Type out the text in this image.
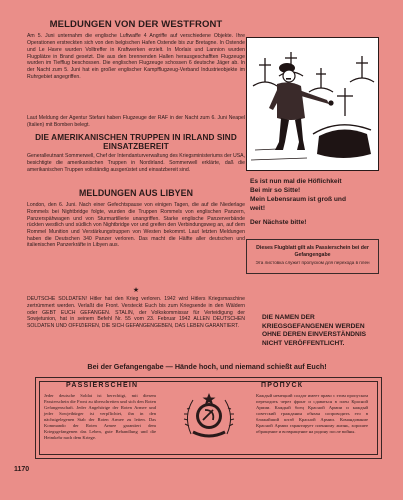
MELDUNGEN VON DER WESTFRONT

Am 5. Juni unternahm die englische Luftwaffe 4 Angriffe auf verschiedene Objekte. Ihre Operationen erstreckten sich von den belgischen Hafen Ostende bis zur Bretagne. In Ostende und Le Havre wurden Volltreffer in Kraftwerken erzielt. In Morlaix und Lannion wurden Flugplätze in Brand gesetzt. Die aus den brennenden Hallen herausgeschafften Flugzeuge wurden im Tiefflug beschossen. Die englischen Flugzeuge schossen 6 deutsche Jäger ab. In der Nacht zum 5. Juni hat ein großer englischer Kampfflugzeug-Verband Industrieobjekte im Ruhrgebiet angegriffen.

Laut Meldung der Agentur Stefani haben Flugzeuge der RAF in der Nacht zum 6. Juni Neapel (Italien) mit Bomben belegt.

DIE AMERIKANISCHEN TRUPPEN IN IRLAND SIND EINSATZBEREIT

Generalleutnant Sommerwell, Chef der Intendanturverwaltung des Kriegsministeriums der USA, besichtigte die amerikanischen Truppen in Nordirland. Sommerwell erklärte, daß die amerikanischen Truppen vollständig ausgerüstet und einsatzbereit sind.

MELDUNGEN AUS LIBYEN

London, den 6. Juni. Nach einer Gefechtspause von einigen Tagen, die auf die Niederlage Rommels bei Nightbridge folgte, wurden die Truppen Rommels von englischen Panzern, Panzerspähwagen und von Sturmartillerie unangriffen. Starke englische Panzerverbände rückten westlich und südlich von Nightbridge vor und greifen den Verbindungsweg an, auf dem Rommel Munition und Verstärkungstruppen von Westen bekommt. Laut letzten Meldungen haben die Deutschen 340 Panzer verloren. Das macht die Hälfte aller deutschen und italienischen Panzerkräfte in Libyen aus.

★

DEUTSCHE SOLDATEN! Hitler hat den Krieg verloren. 1942 wird Hitlers Kriegsmaschine zertrümmert werden. Verlaßt die Front. Versteckt Euch bis zum Kriegsende in den Wäldern oder GEBT EUCH GEFANGEN. STALIN, der Volkskommissar für Verteidigung der Sowjetunion, hat in seinem Befehl Nr. 55 vom 23. Februar 1942 ALLEN DEUTSCHEN SOLDATEN UND OFFIZIEREN, DIE SICH GEFANGENGEBEN, DAS LEBEN GARANTIERT.

Es ist nun mal die Höflichkeit
Bei mir so Sitte!
Mein Lebensraum ist groß und
weit!
Der Nächste bitte!
Dieses Flugblatt gilt als Passierschein bei der Gefangengabe
Эта листовка служит пропуском для перехода в плен
DIE NAMEN DER KRIEGSGEFANGENEN WERDEN OHNE DEREN EINVERSTÄNDNIS NICHT VERÖFFENTLICHT.
Bei der Gefangengabe — Hände hoch, und niemand schießt auf Euch!
PASSIERSCHEIN
Jeder deutsche Soldat ist berechtigt, mit diesem Passierschein die Front zu überschreiten und sich den Roten Gefangenschaft. Jeder Angehörige der Roten Armee und jeder Sowjetbürger ist verpflichtet, ihn in den nächstgelegenen Stab der Roten Armee zu leiten. Das Kommando der Roten Armee garantiert dem Kriegsgefangenen das Leben, gute Behandlung und die Heimkehr nach dem Kriege.
ПРОПУСК
Каждый немецкий солдат имеет право с этим пропуском переходить через фронт и сдаваться в плен Красной Армии. Каждый боец Красной Армии и каждый советский гражданин обязан сопроводить его в ближайший штаб Красной Армии. Командование Красной Армии гарантирует пленному жизнь, хорошее обращение и возвращение на родину после войны.
1170
